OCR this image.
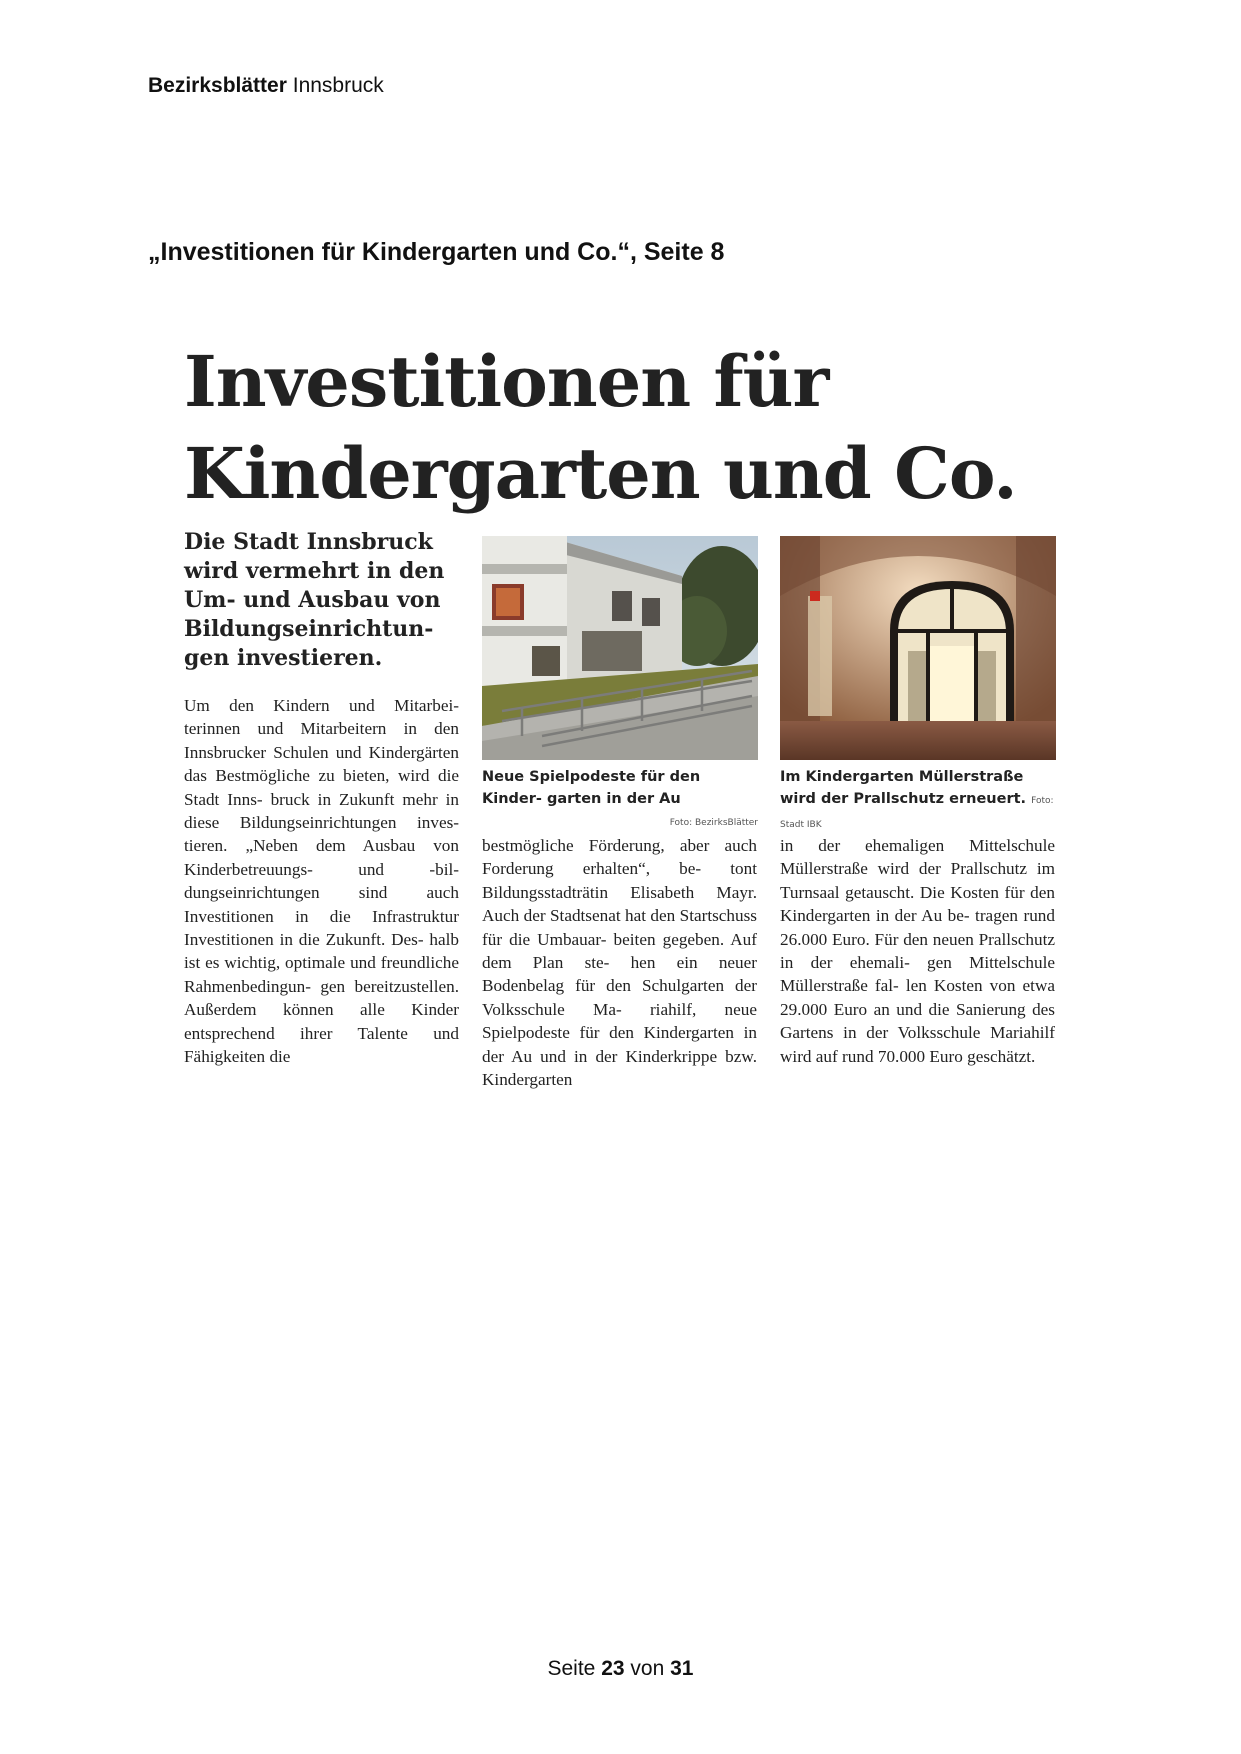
Bezirksblätter Innsbruck
„Investitionen für Kindergarten und Co.“, Seite 8
Investitionen für
Kindergarten und Co.
Die Stadt Innsbruck wird vermehrt in den Um- und Ausbau von Bildungseinrichtun- gen investieren.
Um den Kindern und Mitarbei- terinnen und Mitarbeitern in den Innsbrucker Schulen und Kindergärten das Bestmögliche zu bieten, wird die Stadt Inns- bruck in Zukunft mehr in diese Bildungseinrichtungen inves- tieren. „Neben dem Ausbau von Kinderbetreuungs- und -bil- dungseinrichtungen sind auch Investitionen in die Infrastruktur Investitionen in die Zukunft. Des- halb ist es wichtig, optimale und freundliche Rahmenbedingun- gen bereitzustellen. Außerdem können alle Kinder entsprechend ihrer Talente und Fähigkeiten die
Neue Spielpodeste für den Kinder- garten in der Au
Foto: BezirksBlätter
Im Kindergarten Müllerstraße wird der Prallschutz erneuert. Foto: Stadt IBK
bestmögliche Förderung, aber auch Forderung erhalten“, be- tont Bildungsstadträtin Elisabeth Mayr. Auch der Stadtsenat hat den Startschuss für die Umbauar- beiten gegeben. Auf dem Plan ste- hen ein neuer Bodenbelag für den Schulgarten der Volksschule Ma- riahilf, neue Spielpodeste für den Kindergarten in der Au und in der Kinderkrippe bzw. Kindergarten
in der ehemaligen Mittelschule Müllerstraße wird der Prallschutz im Turnsaal getauscht. Die Kosten für den Kindergarten in der Au be- tragen rund 26.000 Euro. Für den neuen Prallschutz in der ehemali- gen Mittelschule Müllerstraße fal- len Kosten von etwa 29.000 Euro an und die Sanierung des Gartens in der Volksschule Mariahilf wird auf rund 70.000 Euro geschätzt.
Seite 23 von 31
